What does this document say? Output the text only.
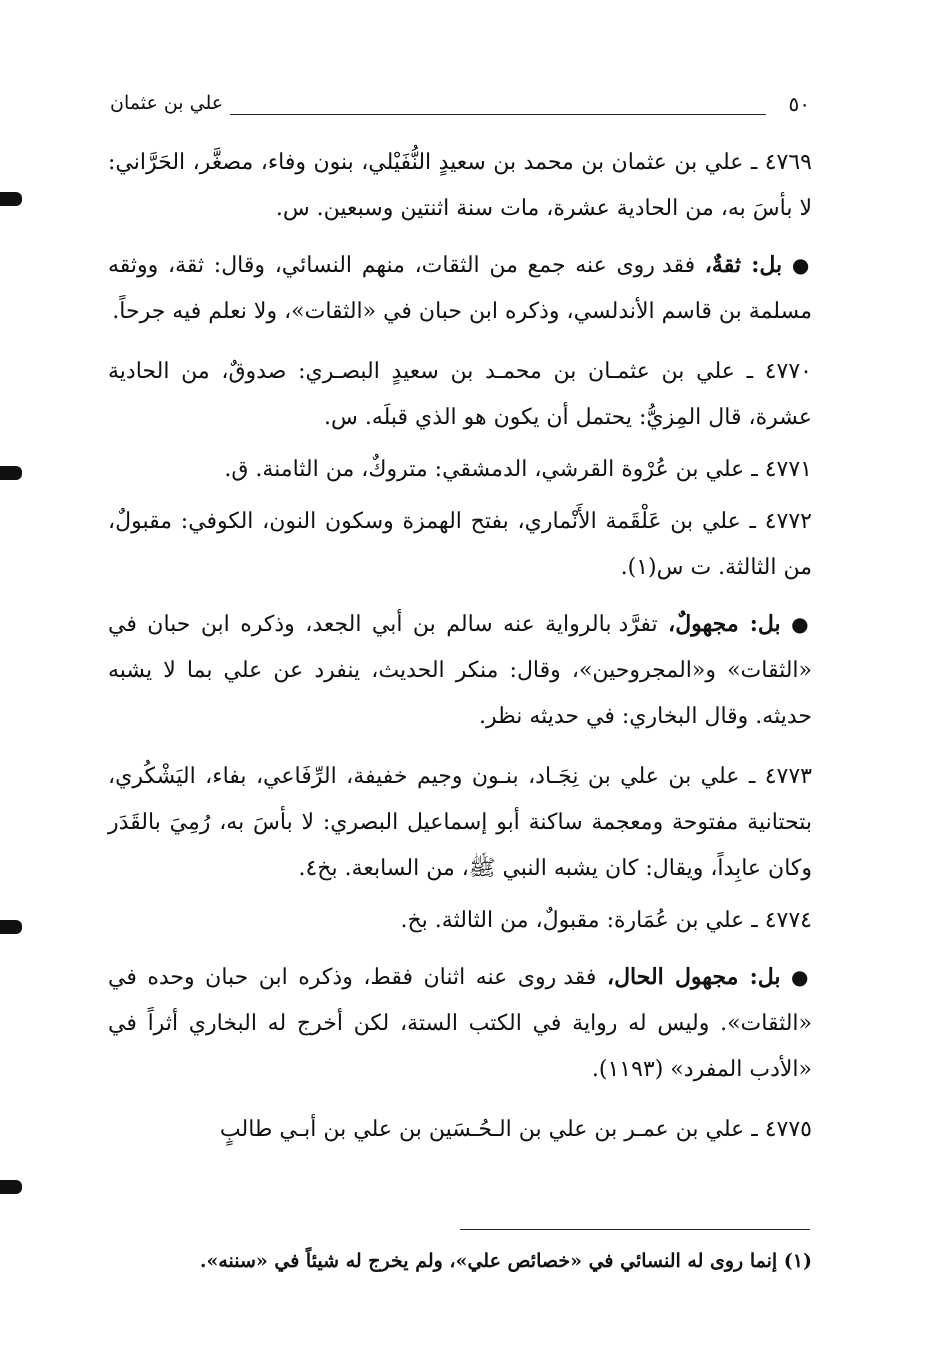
٥٠
علي بن عثمان

٤٧٦٩ ـ علي بن عثمان بن محمد بن سعيدٍ النُّفَيْلي، بنون وفاء، مصغَّر، الحَرَّاني: لا بأسَ به، من الحادية عشرة، مات سنة اثنتين وسبعين. س.

● بل: ثقةٌ، فقد روى عنه جمع من الثقات، منهم النسائي، وقال: ثقة، ووثقه مسلمة بن قاسم الأندلسي، وذكره ابن حبان في «الثقات»، ولا نعلم فيه جرحاً.

٤٧٧٠ ـ علي بن عثمـان بن محمـد بن سعيدٍ البصـري: صدوقٌ، من الحادية عشرة، قال المِزيُّ: يحتمل أن يكون هو الذي قبلَه. س.

٤٧٧١ ـ علي بن عُرْوة القرشي، الدمشقي: متروكٌ، من الثامنة. ق.

٤٧٧٢ ـ علي بن عَلْقَمة الأَنْماري، بفتح الهمزة وسكون النون، الكوفي: مقبولٌ، من الثالثة. ت س(١).

● بل: مجهولٌ، تفرَّد بالرواية عنه سالم بن أبي الجعد، وذكره ابن حبان في «الثقات» و«المجروحين»، وقال: منكر الحديث، ينفرد عن علي بما لا يشبه حديثه. وقال البخاري: في حديثه نظر.

٤٧٧٣ ـ علي بن علي بن نِجَـاد، بنـون وجيم خفيفة، الرِّفَاعي، بفاء، اليَشْكُري، بتحتانية مفتوحة ومعجمة ساكنة أبو إسماعيل البصري: لا بأسَ به، رُمِيَ بالقَدَر وكان عابِداً، ويقال: كان يشبه النبي ﷺ، من السابعة. بخ٤.

٤٧٧٤ ـ علي بن عُمَارة: مقبولٌ، من الثالثة. بخ.

● بل: مجهول الحال، فقد روى عنه اثنان فقط، وذكره ابن حبان وحده في «الثقات». وليس له رواية في الكتب الستة، لكن أخرج له البخاري أثراً في «الأدب المفرد» (١١٩٣).

٤٧٧٥ ـ علي بن عمـر بن علي بن الـحُـسَين بن علي بن أبـي طالبٍ

(١) إنما روى له النسائي في «خصائص علي»، ولم يخرج له شيئاً في «سننه».
